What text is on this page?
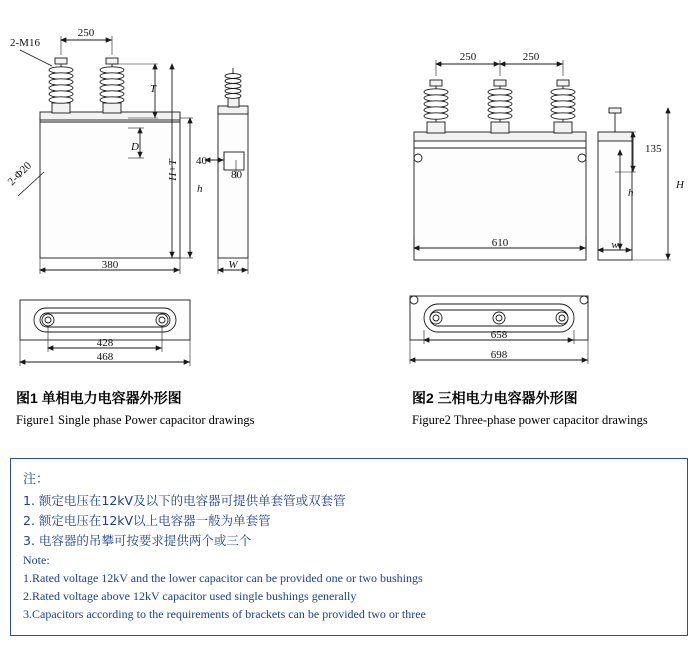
2-M16
250
380	W
h
T
D
H+T 40
80
428
468
2-Φ20
250	250
610	w
135
h
H
658
698
图1 单相电力电容器外形图
Figure1 Single phase Power capacitor drawings
图2 三相电力电容器外形图
Figure2 Three-phase power capacitor drawings
注：
1. 额定电压在12kV及以下的电容器可提供单套管或双套管
2. 额定电压在12kV以上电容器一般为单套管
3. 电容器的吊攀可按要求提供两个或三个
Note:
1.Rated voltage 12kV and the lower capacitor can be provided one or two bushings
2.Rated voltage above 12kV capacitor used single bushings generally
3.Capacitors according to the requirements of brackets can be provided two or three
